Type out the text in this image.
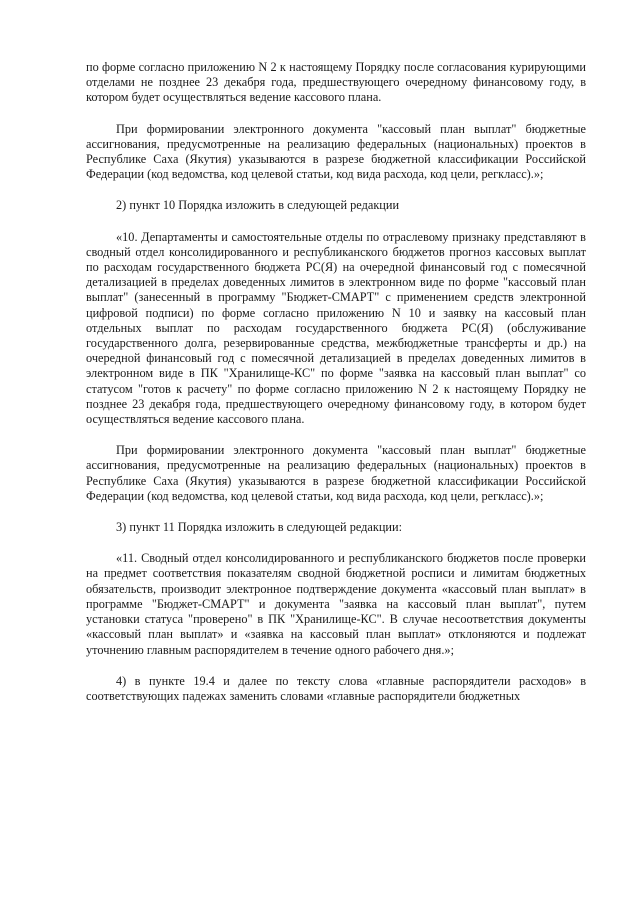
по форме согласно приложению N 2 к настоящему Порядку после согласования курирующими отделами не позднее 23 декабря года, предшествующего очередному финансовому году, в котором будет осуществляться ведение кассового плана.

При формировании электронного документа "кассовый план выплат" бюджетные ассигнования, предусмотренные на реализацию федеральных (национальных) проектов в Республике Саха (Якутия) указываются в разрезе бюджетной классификации Российской Федерации (код ведомства, код целевой статьи, код вида расхода, код цели, регкласс).»;

2) пункт 10 Порядка изложить в следующей редакции

«10. Департаменты и самостоятельные отделы по отраслевому признаку представляют в сводный отдел консолидированного и республиканского бюджетов прогноз кассовых выплат по расходам государственного бюджета РС(Я) на очередной финансовый год с помесячной детализацией в пределах доведенных лимитов в электронном виде по форме "кассовый план выплат" (занесенный в программу "Бюджет-СМАРТ" с применением средств электронной цифровой подписи) по форме согласно приложению N 10 и заявку на кассовый план отдельных выплат по расходам государственного бюджета РС(Я) (обслуживание государственного долга, резервированные средства, межбюджетные трансферты и др.) на очередной финансовый год с помесячной детализацией в пределах доведенных лимитов в электронном виде в ПК "Хранилище-КС" по форме "заявка на кассовый план выплат" со статусом "готов к расчету" по форме согласно приложению N 2 к настоящему Порядку не позднее 23 декабря года, предшествующего очередному финансовому году, в котором будет осуществляться ведение кассового плана.

При формировании электронного документа "кассовый план выплат" бюджетные ассигнования, предусмотренные на реализацию федеральных (национальных) проектов в Республике Саха (Якутия) указываются в разрезе бюджетной классификации Российской Федерации (код ведомства, код целевой статьи, код вида расхода, код цели, регкласс).»;

3) пункт 11 Порядка изложить в следующей редакции:

«11. Сводный отдел консолидированного и республиканского бюджетов после проверки на предмет соответствия показателям сводной бюджетной росписи и лимитам бюджетных обязательств, производит электронное подтверждение документа «кассовый план выплат» в программе "Бюджет-СМАРТ" и документа "заявка на кассовый план выплат", путем установки статуса "проверено" в ПК "Хранилище-КС". В случае несоответствия документы «кассовый план выплат» и «заявка на кассовый план выплат» отклоняются и подлежат уточнению главным распорядителем в течение одного рабочего дня.»;

4) в пункте 19.4 и далее по тексту слова «главные распорядители расходов» в соответствующих падежах заменить словами «главные распорядители бюджетных
